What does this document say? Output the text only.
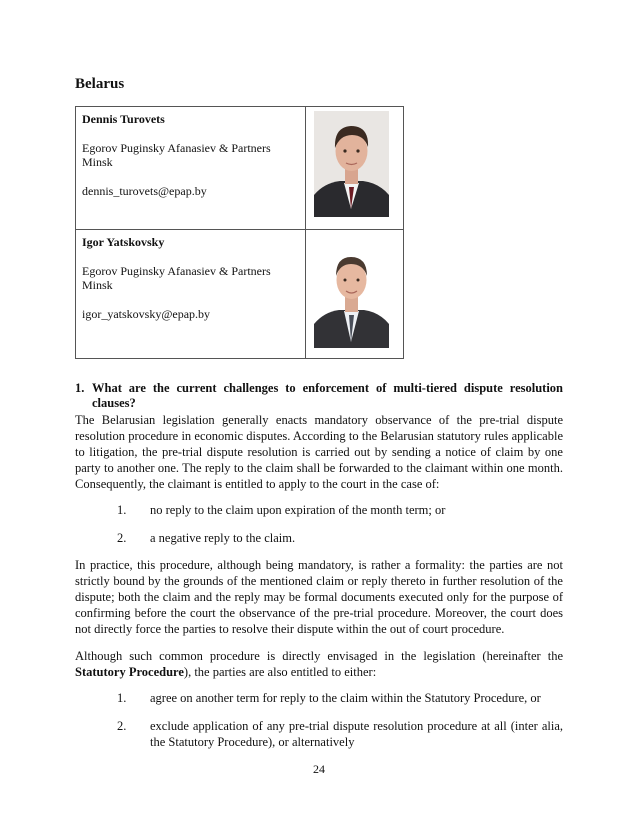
Belarus
Dennis Turovets
Egorov Puginsky Afanasiev & Partners
Minsk
dennis_turovets@epap.by

Igor Yatskovsky
Egorov Puginsky Afanasiev & Partners
Minsk
igor_yatskovsky@epap.by

1. What are the current challenges to enforcement of multi-tiered dispute resolution clauses?
The Belarusian legislation generally enacts mandatory observance of the pre-trial dispute resolution procedure in economic disputes. According to the Belarusian statutory rules applicable to litigation, the pre-trial dispute resolution is carried out by sending a notice of claim by one party to another one. The reply to the claim shall be forwarded to the claimant within one month. Consequently, the claimant is entitled to apply to the court in the case of:
1. no reply to the claim upon expiration of the month term; or
2. a negative reply to the claim.
In practice, this procedure, although being mandatory, is rather a formality: the parties are not strictly bound by the grounds of the mentioned claim or reply thereto in further resolution of the dispute; both the claim and the reply may be formal documents executed only for the purpose of confirming before the court the observance of the pre-trial procedure. Moreover, the court does not directly force the parties to resolve their dispute within the out of court procedure.
Although such common procedure is directly envisaged in the legislation (hereinafter the Statutory Procedure), the parties are also entitled to either:
1. agree on another term for reply to the claim within the Statutory Procedure, or
2. exclude application of any pre-trial dispute resolution procedure at all (inter alia, the Statutory Procedure), or alternatively
24
